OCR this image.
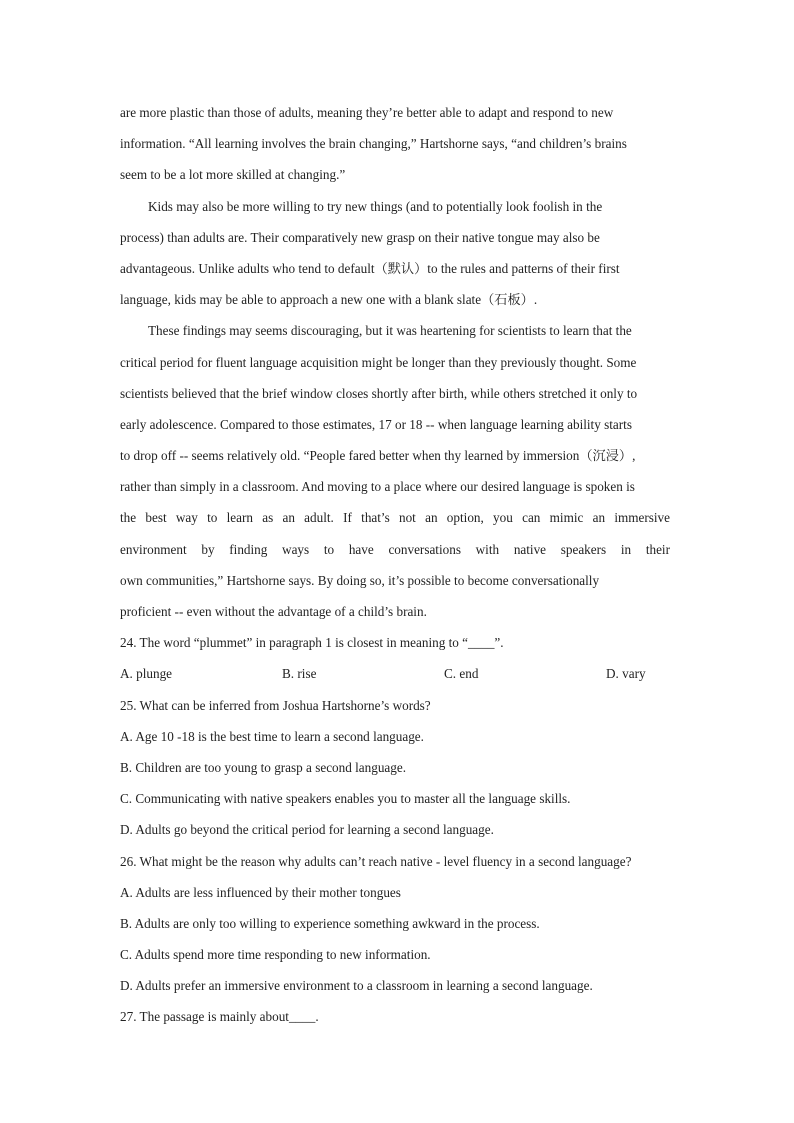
are more plastic than those of adults, meaning they’re better able to adapt and respond to new
information. “All learning involves the brain changing,” Hartshorne says, “and children’s brains
seem to be a lot more skilled at changing.”
Kids may also be more willing to try new things (and to potentially look foolish in the
process) than adults are. Their comparatively new grasp on their native tongue may also be
advantageous. Unlike adults who tend to default（默认）to the rules and patterns of their first
language, kids may be able to approach a new one with a blank slate（石板）.
These findings may seems discouraging, but it was heartening for scientists to learn that the
critical period for fluent language acquisition might be longer than they previously thought. Some
scientists believed that the brief window closes shortly after birth, while others stretched it only to
early adolescence. Compared to those estimates, 17 or 18 -- when language learning ability starts
to drop off -- seems relatively old. “People fared better when thy learned by immersion（沉浸）,
rather than simply in a classroom. And moving to a place where our desired language is spoken is
the best way to learn as an adult. If that’s not an option, you can mimic an immersive
environment by finding ways to have conversations with native speakers in their
own communities,” Hartshorne says. By doing so, it’s possible to become conversationally
proficient -- even without the advantage of a child’s brain.
24. The word “plummet” in paragraph 1 is closest in meaning to “____”.
A. plunge	B. rise	C. end	D. vary
25. What can be inferred from Joshua Hartshorne’s words?
A. Age 10 -18 is the best time to learn a second language.
B. Children are too young to grasp a second language.
C. Communicating with native speakers enables you to master all the language skills.
D. Adults go beyond the critical period for learning a second language.
26. What might be the reason why adults can’t reach native - level fluency in a second language?
A. Adults are less influenced by their mother tongues
B. Adults are only too willing to experience something awkward in the process.
C. Adults spend more time responding to new information.
D. Adults prefer an immersive environment to a classroom in learning a second language.
27. The passage is mainly about____.
